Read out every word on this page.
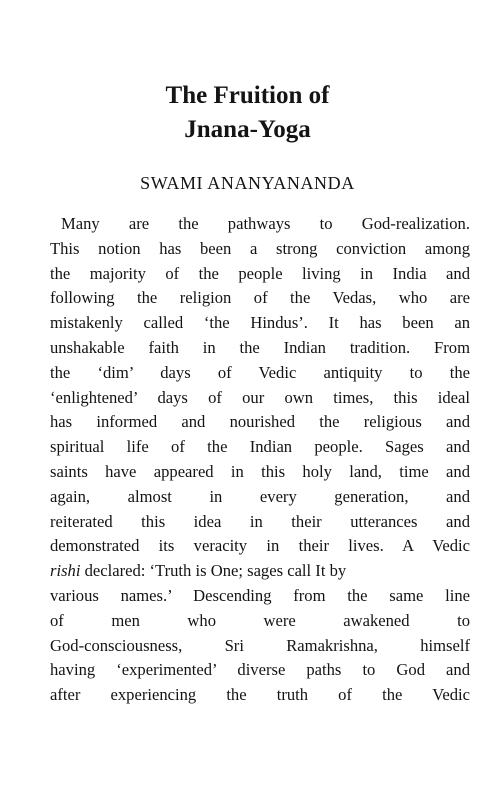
The Fruition of
Jnana-Yoga

SWAMI ANANYANANDA

Many are the pathways to God-realization.
This notion has been a strong conviction among
the majority of the people living in India and
following the religion of the Vedas, who are
mistakenly called ‘the Hindus’. It has been an
unshakable faith in the Indian tradition. From
the ‘dim’ days of Vedic antiquity to the
‘enlightened’ days of our own times, this ideal
has informed and nourished the religious and
spiritual life of the Indian people. Sages and
saints have appeared in this holy land, time and
again, almost in every generation, and
reiterated this idea in their utterances and
demonstrated its veracity in their lives. A Vedic
rishi declared: ‘Truth is One; sages call It by
various names.’ Descending from the same line
of men who were awakened to
God-consciousness, Sri Ramakrishna, himself
having ‘experimented’ diverse paths to God and
after experiencing the truth of the Vedic
